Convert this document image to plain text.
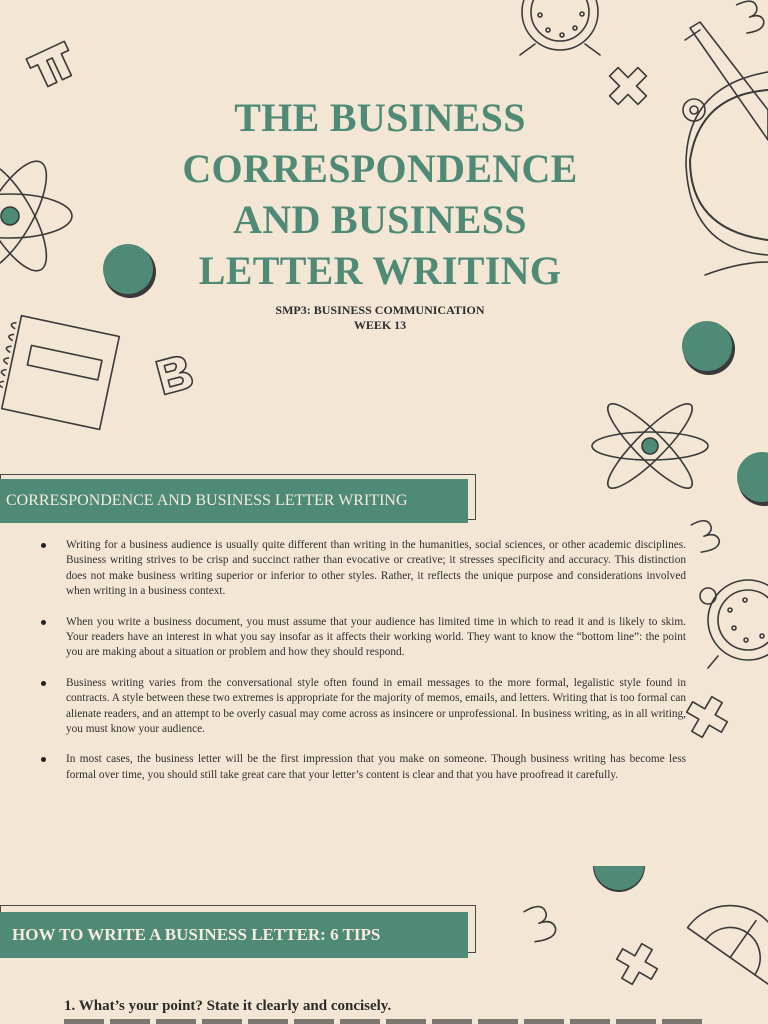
THE BUSINESS
CORRESPONDENCE
AND BUSINESS
LETTER WRITING
SMP3: BUSINESS COMMUNICATION
WEEK 13
CORRESPONDENCE AND BUSINESS LETTER WRITING
Writing for a business audience is usually quite different than writing in the humanities, social sciences, or other academic disciplines. Business writing strives to be crisp and succinct rather than evocative or creative; it stresses specificity and accuracy. This distinction does not make business writing superior or inferior to other styles. Rather, it reflects the unique purpose and considerations involved when writing in a business context.
When you write a business document, you must assume that your audience has limited time in which to read it and is likely to skim. Your readers have an interest in what you say insofar as it affects their working world. They want to know the “bottom line”: the point you are making about a situation or problem and how they should respond.
Business writing varies from the conversational style often found in email messages to the more formal, legalistic style found in contracts. A style between these two extremes is appropriate for the majority of memos, emails, and letters. Writing that is too formal can alienate readers, and an attempt to be overly casual may come across as insincere or unprofessional. In business writing, as in all writing, you must know your audience.
In most cases, the business letter will be the first impression that you make on someone. Though business writing has become less formal over time, you should still take great care that your letter’s content is clear and that you have proofread it carefully.
HOW TO WRITE A BUSINESS LETTER: 6 TIPS
1. What’s your point? State it clearly and concisely.
